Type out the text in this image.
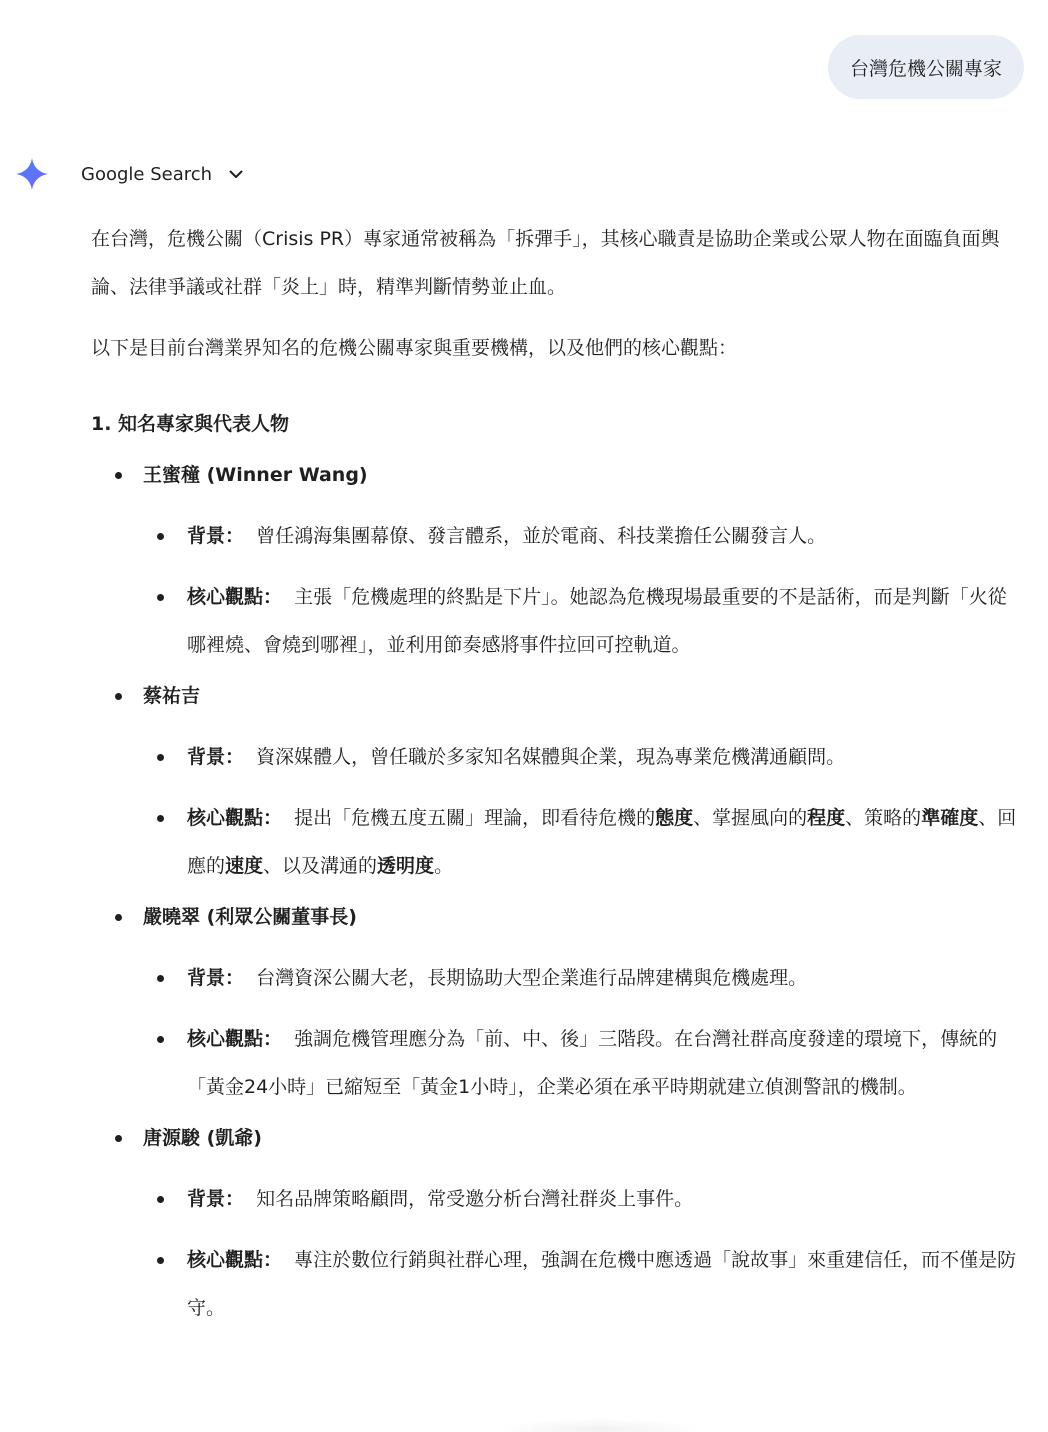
台灣危機公關專家
Google Search

在台灣，危機公關（Crisis PR）專家通常被稱為「拆彈手」，其核心職責是協助企業或公眾人物在面臨負面輿論、法律爭議或社群「炎上」時，精準判斷情勢並止血。

以下是目前台灣業界知名的危機公關專家與重要機構，以及他們的核心觀點：

1. 知名專家與代表人物
王蜜穜 (Winner Wang)
背景： 曾任鴻海集團幕僚、發言體系，並於電商、科技業擔任公關發言人。
核心觀點： 主張「危機處理的終點是下片」。她認為危機現場最重要的不是話術，而是判斷「火從哪裡燒、會燒到哪裡」，並利用節奏感將事件拉回可控軌道。
蔡祐吉
背景： 資深媒體人，曾任職於多家知名媒體與企業，現為專業危機溝通顧問。
核心觀點： 提出「危機五度五關」理論，即看待危機的態度、掌握風向的程度、策略的準確度、回應的速度、以及溝通的透明度。
嚴曉翠 (利眾公關董事長)
背景： 台灣資深公關大老，長期協助大型企業進行品牌建構與危機處理。
核心觀點： 強調危機管理應分為「前、中、後」三階段。在台灣社群高度發達的環境下，傳統的「黃金24小時」已縮短至「黃金1小時」，企業必須在承平時期就建立偵測警訊的機制。
唐源駿 (凱爺)
背景： 知名品牌策略顧問，常受邀分析台灣社群炎上事件。
核心觀點： 專注於數位行銷與社群心理，強調在危機中應透過「說故事」來重建信任，而不僅是防守。
